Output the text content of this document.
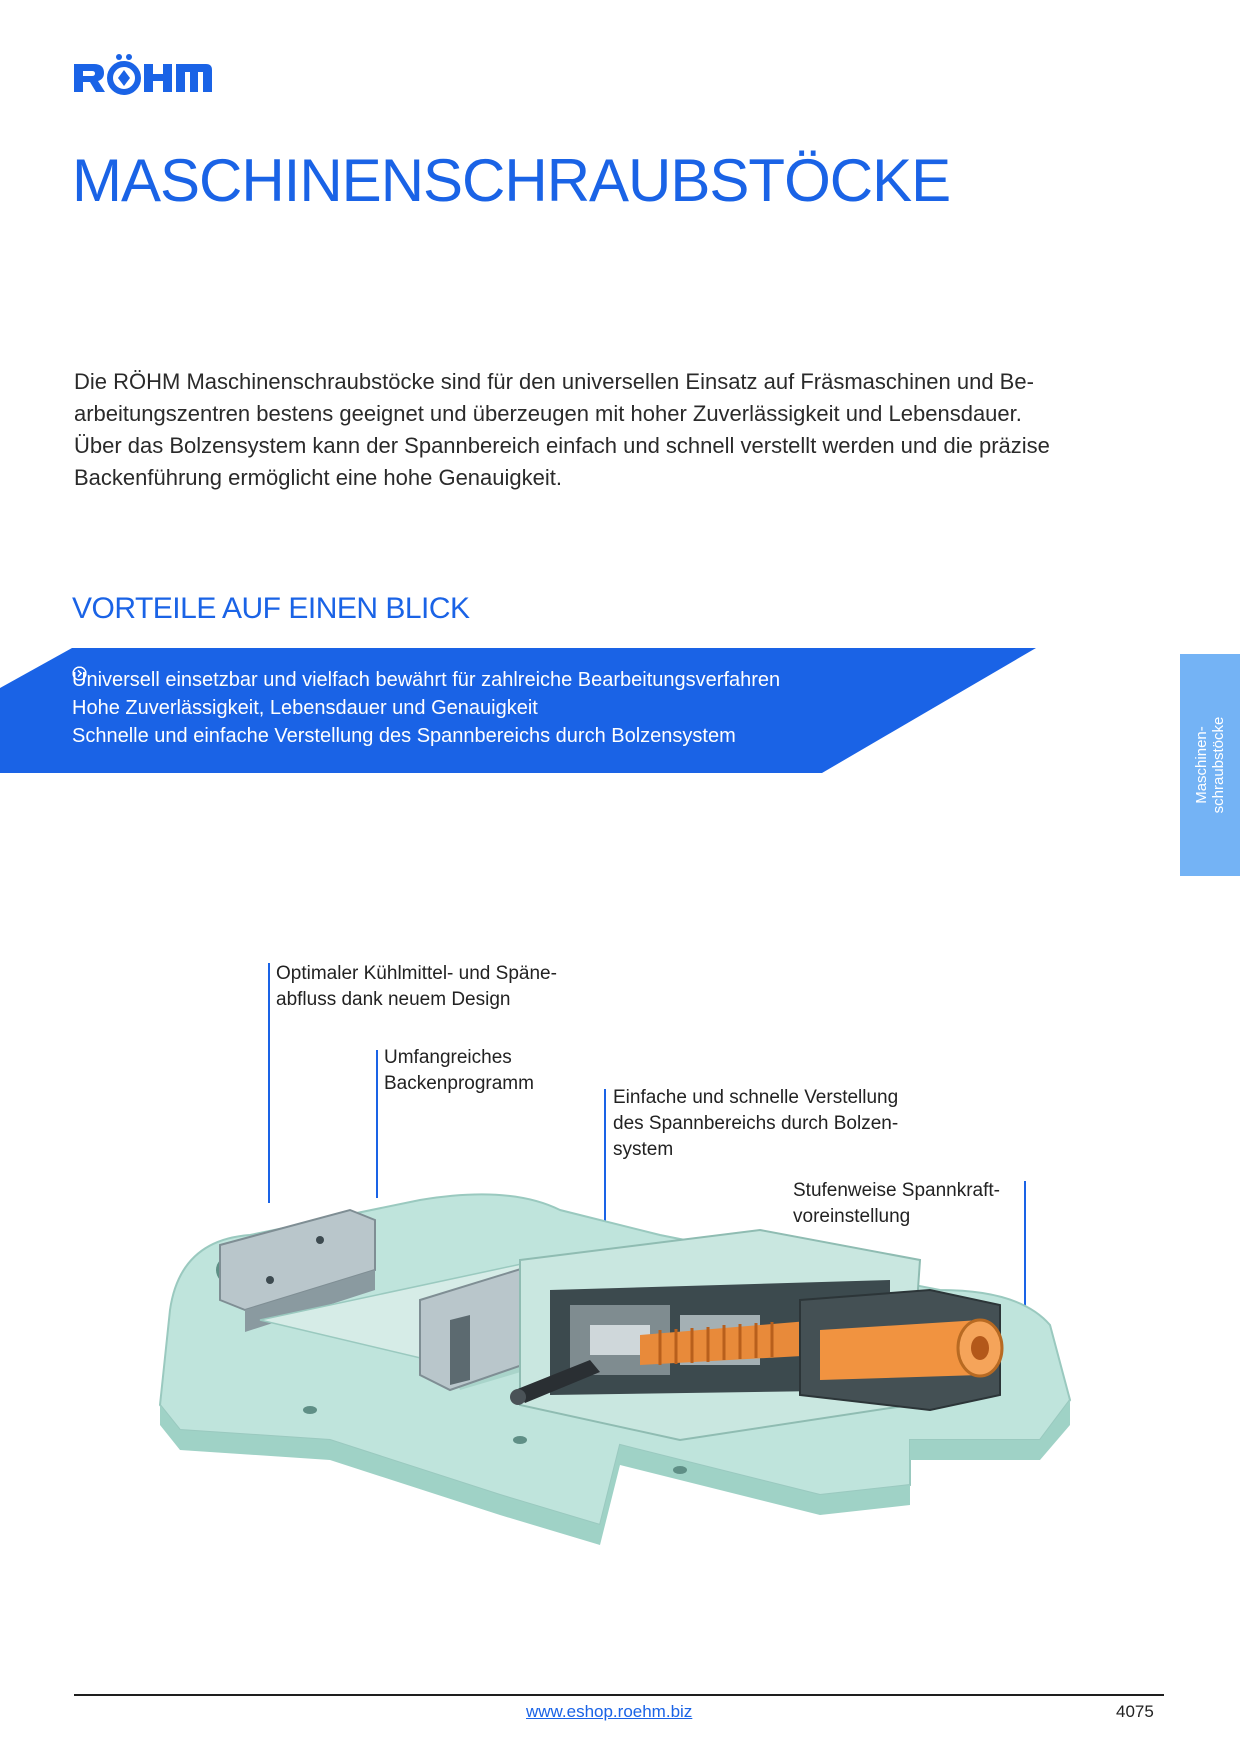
MASCHINENSCHRAUBSTÖCKE

Die RÖHM Maschinenschraubstöcke sind für den universellen Einsatz auf Fräsmaschinen und Be-
arbeitungszentren bestens geeignet und überzeugen mit hoher Zuverlässigkeit und Lebensdauer.
Über das Bolzensystem kann der Spannbereich einfach und schnell verstellt werden und die präzise
Backenführung ermöglicht eine hohe Genauigkeit.

VORTEILE AUF EINEN BLICK
Universell einsetzbar und vielfach bewährt für zahlreiche Bearbeitungsverfahren
Hohe Zuverlässigkeit, Lebensdauer und Genauigkeit
Schnelle und einfache Verstellung des Spannbereichs durch Bolzensystem	Maschinen-
schraubstöcke
Optimaler Kühlmittel- und Späne-
abfluss dank neuem Design
Umfangreiches
Backenprogramm
Einfache und schnelle Verstellung
des Spannbereichs durch Bolzen-
system
Stufenweise Spannkraft-
voreinstellung
www.eshop.roehm.biz	4075
